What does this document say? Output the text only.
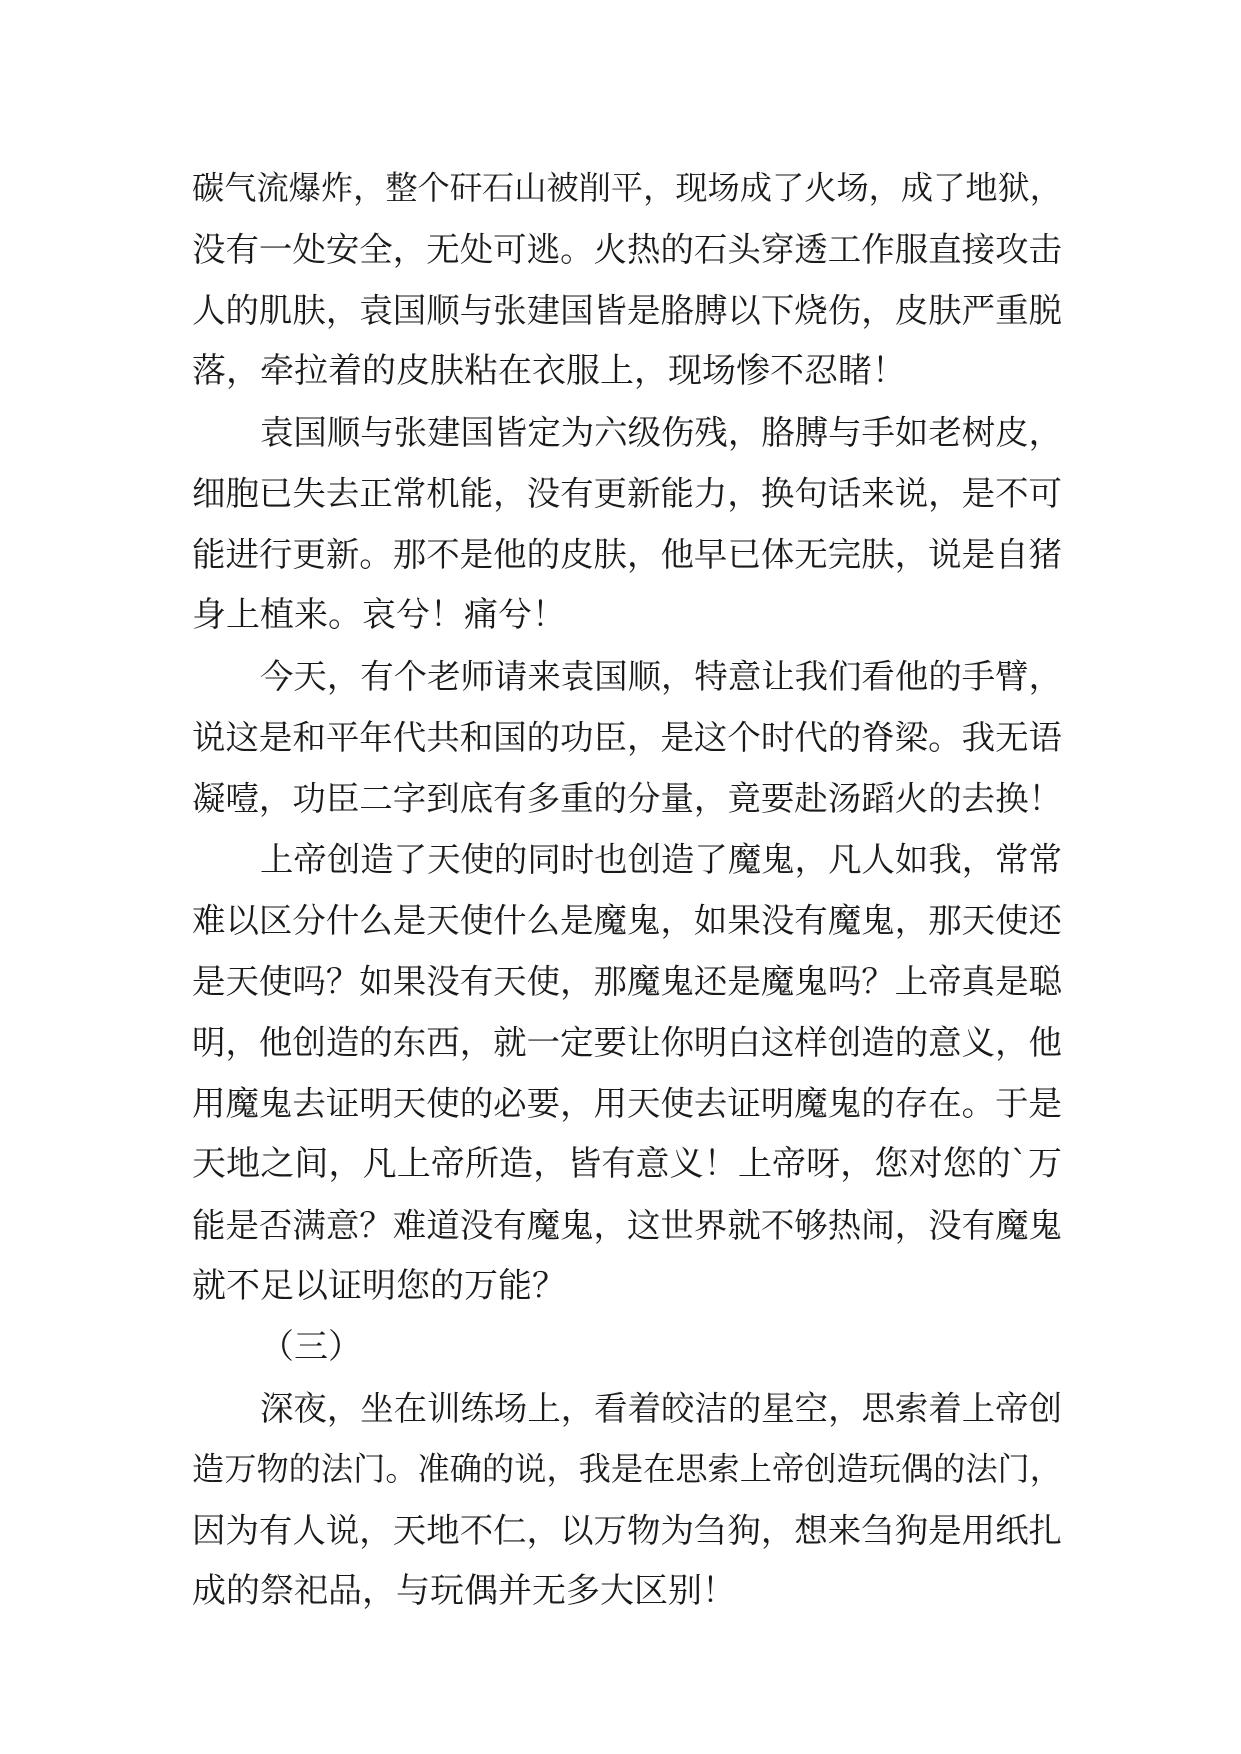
碳气流爆炸，整个矸石山被削平，现场成了火场，成了地狱，
没有一处安全，无处可逃。火热的石头穿透工作服直接攻击
人的肌肤，袁国顺与张建国皆是胳膊以下烧伤，皮肤严重脱
落，牵拉着的皮肤粘在衣服上，现场惨不忍睹！
袁国顺与张建国皆定为六级伤残，胳膊与手如老树皮，
细胞已失去正常机能，没有更新能力，换句话来说，是不可
能进行更新。那不是他的皮肤，他早已体无完肤，说是自猪
身上植来。哀兮！痛兮！
今天，有个老师请来袁国顺，特意让我们看他的手臂，
说这是和平年代共和国的功臣，是这个时代的脊梁。我无语
凝噎，功臣二字到底有多重的分量，竟要赴汤蹈火的去换！
上帝创造了天使的同时也创造了魔鬼，凡人如我，常常
难以区分什么是天使什么是魔鬼，如果没有魔鬼，那天使还
是天使吗？如果没有天使，那魔鬼还是魔鬼吗？上帝真是聪
明，他创造的东西，就一定要让你明白这样创造的意义，他
用魔鬼去证明天使的必要，用天使去证明魔鬼的存在。于是
天地之间，凡上帝所造，皆有意义！上帝呀，您对您的`万
能是否满意？难道没有魔鬼，这世界就不够热闹，没有魔鬼
就不足以证明您的万能？
（三）
深夜，坐在训练场上，看着皎洁的星空，思索着上帝创
造万物的法门。准确的说，我是在思索上帝创造玩偶的法门，
因为有人说，天地不仁，以万物为刍狗，想来刍狗是用纸扎
成的祭祀品，与玩偶并无多大区别！
